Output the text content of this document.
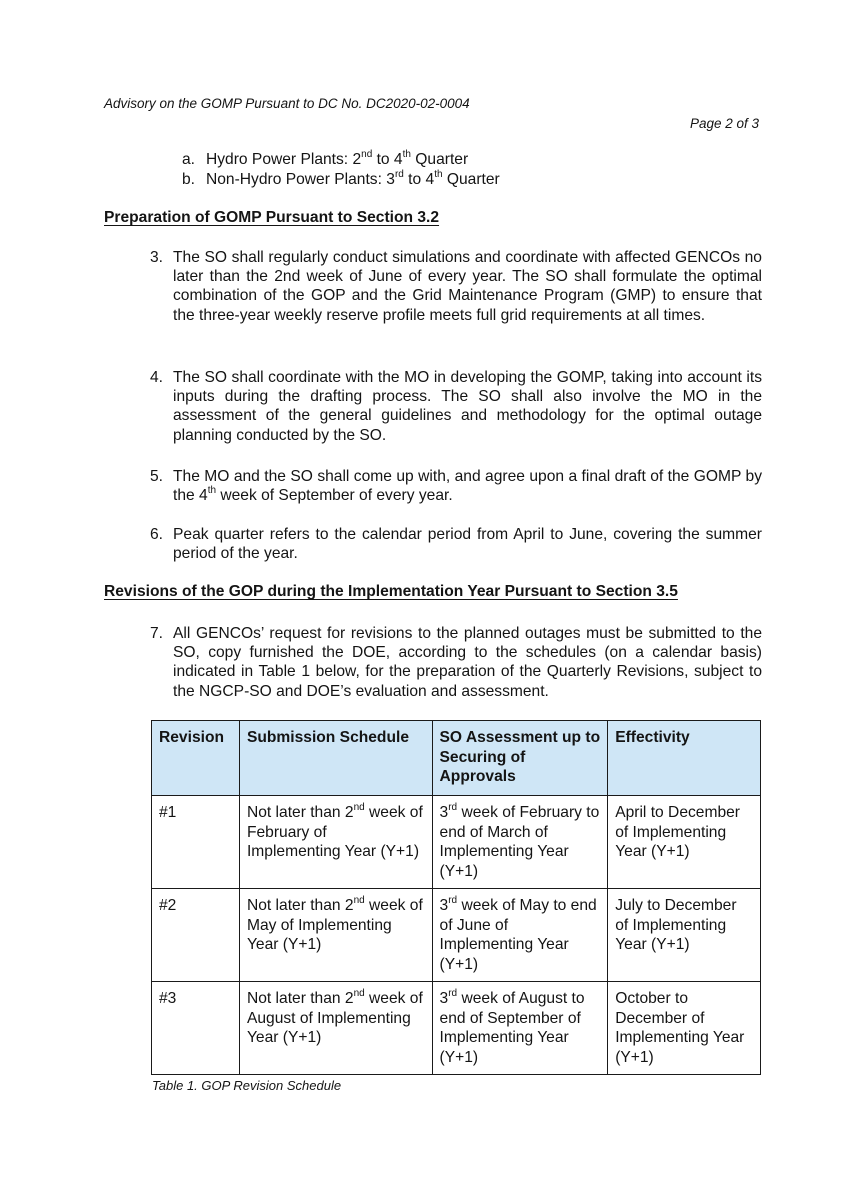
Advisory on the GOMP Pursuant to DC No. DC2020-02-0004
Page 2 of 3
a. Hydro Power Plants: 2nd to 4th Quarter
b. Non-Hydro Power Plants: 3rd to 4th Quarter
Preparation of GOMP Pursuant to Section 3.2
3. The SO shall regularly conduct simulations and coordinate with affected GENCOs no later than the 2nd week of June of every year. The SO shall formulate the optimal combination of the GOP and the Grid Maintenance Program (GMP) to ensure that the three-year weekly reserve profile meets full grid requirements at all times.
4. The SO shall coordinate with the MO in developing the GOMP, taking into account its inputs during the drafting process. The SO shall also involve the MO in the assessment of the general guidelines and methodology for the optimal outage planning conducted by the SO.
5. The MO and the SO shall come up with, and agree upon a final draft of the GOMP by the 4th week of September of every year.
6. Peak quarter refers to the calendar period from April to June, covering the summer period of the year.
Revisions of the GOP during the Implementation Year Pursuant to Section 3.5
7. All GENCOs’ request for revisions to the planned outages must be submitted to the SO, copy furnished the DOE, according to the schedules (on a calendar basis) indicated in Table 1 below, for the preparation of the Quarterly Revisions, subject to the NGCP-SO and DOE’s evaluation and assessment.
Revision	Submission Schedule	SO Assessment up to Securing of Approvals	Effectivity
#1	Not later than 2nd week of February of Implementing Year (Y+1)	3rd week of February to end of March of Implementing Year (Y+1)	April to December of Implementing Year (Y+1)
#2	Not later than 2nd week of May of Implementing Year (Y+1)	3rd week of May to end of June of Implementing Year (Y+1)	July to December of Implementing Year (Y+1)
#3	Not later than 2nd week of August of Implementing Year (Y+1)	3rd week of August to end of September of Implementing Year (Y+1)	October to December of Implementing Year (Y+1)
Table 1. GOP Revision Schedule
